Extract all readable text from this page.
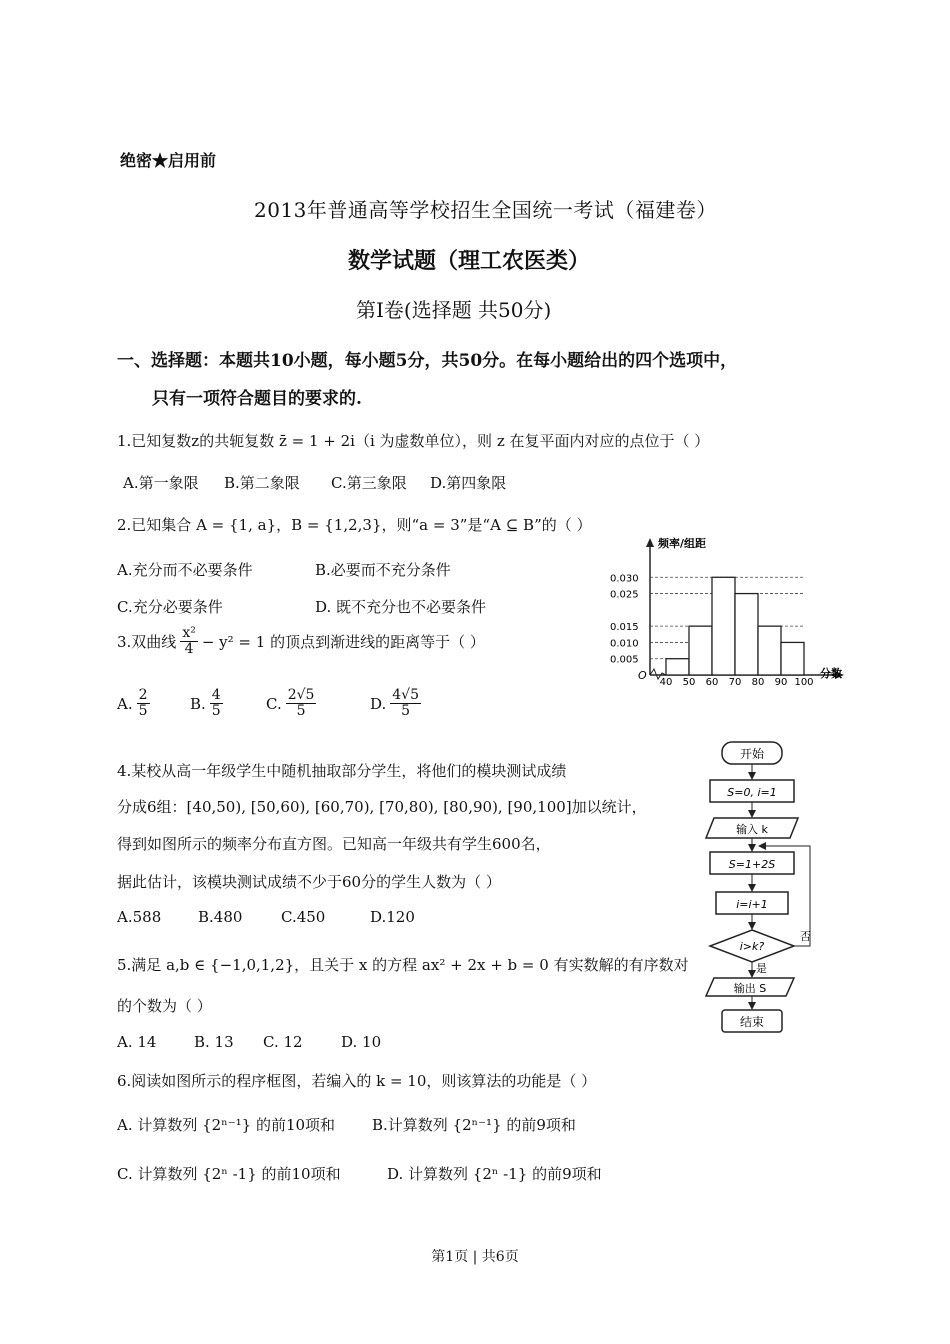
绝密★启用前
2013年普通高等学校招生全国统一考试（福建卷）
数学试题（理工农医类）
第Ⅰ卷(选择题 共50分)
一、选择题：本题共10小题，每小题5分，共50分。在每小题给出的四个选项中，
只有一项符合题目的要求的.
1.已知复数z的共轭复数 z̄ = 1 + 2i（i 为虚数单位），则 z 在复平面内对应的点位于（ ）
A.第一象限 B.第二象限 C.第三象限 D.第四象限
2.已知集合 A = {1, a}，B = {1,2,3}，则“a = 3”是“A ⊆ B”的（ ）
A.充分而不必要条件	B.必要而不充分条件
C.充分必要条件	D. 既不充分也不必要条件
3.双曲线 $\frac{\text{x²}}{4} - y^2 = 1$ 的顶点到渐进线的距离等于（ ）
A. $\frac{2}{5}$	B. $\frac{4}{5}$	C. $\frac{2√5}{5}$	D. $\frac{4√5}{5}$
4.某校从高一年级学生中随机抽取部分学生，将他们的模块测试成绩
分成6组：[40,50), [50,60), [60,70), [70,80), [80,90), [90,100]加以统计，
得到如图所示的频率分布直方图。已知高一年级共有学生600名，
据此估计，该模块测试成绩不少于60分的学生人数为（ ）
A.588 B.480	C.450	D.120
5.满足 a,b ∈ {−1,0,1,2}，且关于 x 的方程 ax² + 2x + b = 0 有实数解的有序数对
的个数为（ ）
A. 14	B. 13 C. 12	D. 10
6.阅读如图所示的程序框图，若编入的 k = 10，则该算法的功能是（ ）
A. 计算数列 {2ⁿ⁻¹} 的前10项和 B.计算数列 {2ⁿ⁻¹} 的前9项和
C. 计算数列 {2ⁿ -1} 的前10项和	D. 计算数列 {2ⁿ -1} 的前9项和
频率/组距
分数
O
0.030
0.025
0.015
0.010
0.005
40 50 60 70 80 90 100
开始
S=0, i=1
输入 k
S=1+2S
i=i+1
i>k?
否
是
输出 S
结束
第1页 | 共6页
